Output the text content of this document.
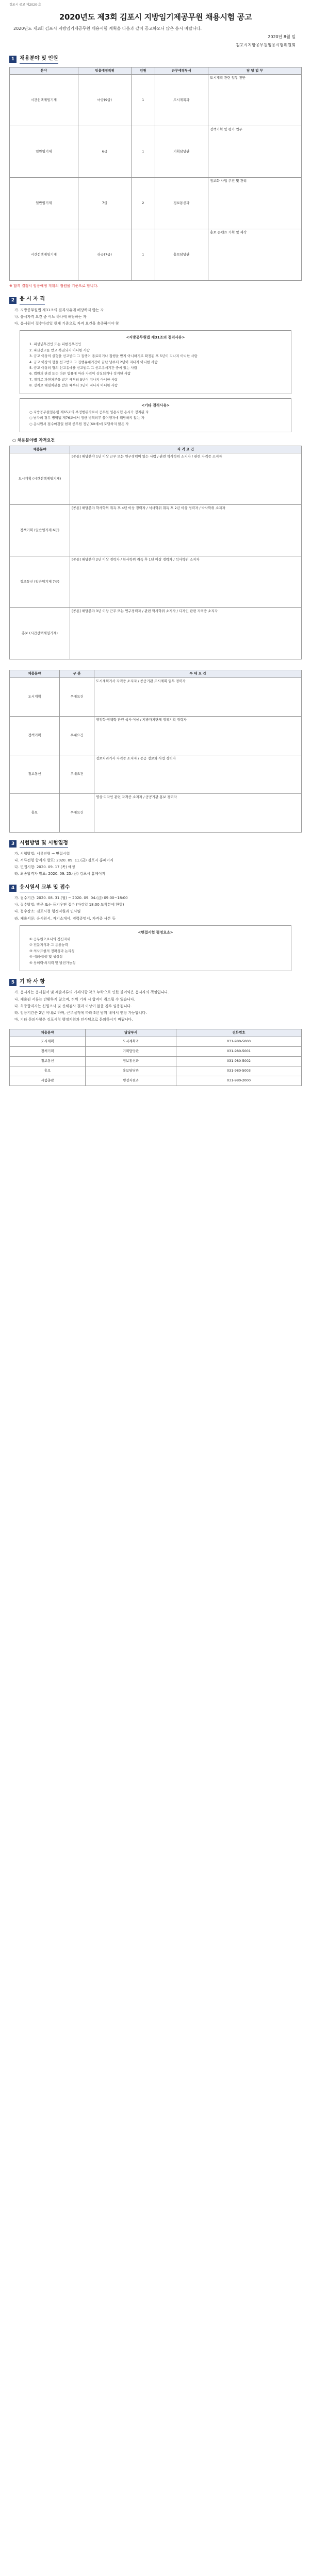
김포시 공고 제2020-호
2020년도 제3회 김포시 지방임기제공무원 채용시험 공고
2020년도 제3회 김포시 지방임기제공무원 채용시험 계획을 다음과 같이 공고하오니 많은 응시 바랍니다.
2020년 8월 일
김포시지방공무원임용시험위원회
1 채용분야 및 인원
분야	임용예정직위	인원	근무예정부서	담 당 업 무
시간선택제임기제	마급(9급)	1	도시계획과	도시계획 관련 업무 전반
일반임기제	6급	1	기획담당관	정책기획 및 평가 업무
일반임기제	7급	2	정보통신과	정보화 사업 추진 및 관리
시간선택제임기제	라급(7급)	1	홍보담당관	홍보 콘텐츠 기획 및 제작
※ 합격 결정시 임용예정 직위의 정원을 기준으로 합니다.
2 응 시 자 격
가. 지방공무원법 제31조의 결격사유에 해당하지 않는 자
나. 응시자격 요건 중 어느 하나에 해당하는 자
다. 응시원서 접수마감일 현재 기준으로 자격 요건을 충족하여야 함
<지방공무원법 제31조의 결격사유>
1. 피성년후견인 또는 피한정후견인
2. 파산선고를 받고 복권되지 아니한 사람
3. 금고 이상의 실형을 선고받고 그 집행이 종료되거나 집행을 받지 아니하기로 확정된 후 5년이 지나지 아니한 사람
4. 금고 이상의 형을 선고받고 그 집행유예기간이 끝난 날부터 2년이 지나지 아니한 사람
5. 금고 이상의 형의 선고유예를 선고받고 그 선고유예기간 중에 있는 사람
6. 법원의 판결 또는 다른 법률에 따라 자격이 상실되거나 정지된 사람
7. 징계로 파면처분을 받은 때부터 5년이 지나지 아니한 사람
8. 징계로 해임처분을 받은 때부터 3년이 지나지 아니한 사람
<기타 결격사유>
○ 지방공무원임용령 제65조의 부정행위자로서 공무원 임용시험 응시가 정지된 자
○ 남자의 경우 병역법 제76조에서 정한 병역의무 불이행자에 해당하지 않는 자
○ 응시원서 접수마감일 현재 공무원 정년(60세)에 도달하지 않은 자
○ 채용분야별 자격요건
채용분야	자 격 요 건
도시계획 (시간선택제임기제)	[공통] 해당분야 1년 이상 근무 또는 연구경력이 있는 사람 / 관련 학사학위 소지자 / 관련 자격증 소지자
정책기획 (일반임기제 6급)	[공통] 해당분야 학사학위 취득 후 4년 이상 경력자 / 석사학위 취득 후 2년 이상 경력자 / 박사학위 소지자
정보통신 (일반임기제 7급)	[공통] 해당분야 2년 이상 경력자 / 학사학위 취득 후 1년 이상 경력자 / 석사학위 소지자
홍보 (시간선택제임기제)	[공통] 해당분야 3년 이상 근무 또는 연구경력자 / 관련 학사학위 소지자 / 디자인 관련 자격증 소지자
채용분야	구 분	우 대 요 건
도시계획	우대요건	도시계획기사 자격증 소지자 / 공공기관 도시계획 업무 경력자
정책기획	우대요건	행정학·정책학 관련 석사 이상 / 지방자치단체 정책기획 경력자
정보통신	우대요건	정보처리기사 자격증 소지자 / 공공 정보화 사업 경력자
홍보	우대요건	영상·디자인 관련 자격증 소지자 / 공공기관 홍보 경력자
3 시험방법 및 시험일정
가. 시험방법: 서류전형 → 면접시험
나. 서류전형 합격자 발표: 2020. 09. 11.(금) 김포시 홈페이지
다. 면접시험: 2020. 09. 17.(목) 예정
라. 최종합격자 발표: 2020. 09. 25.(금) 김포시 홈페이지
4 응시원서 교부 및 접수
가. 접수기간: 2020. 08. 31.(월) ~ 2020. 09. 04.(금) 09:00~18:00
나. 접수방법: 방문 또는 등기우편 접수 (마감일 18:00 도착분에 한함)
다. 접수장소: 김포시청 행정지원과 인사팀
라. 제출서류: 응시원서, 자기소개서, 경력증명서, 자격증 사본 등
<면접시험 평정요소>
① 공무원으로서의 정신자세
② 전문지식과 그 응용능력
③ 의사표현의 정확성과 논리성
④ 예의·품행 및 성실성
⑤ 창의력·의지력 및 발전가능성
5 기 타 사 항
가. 응시자는 응시원서 및 제출서류의 기재사항 착오·누락으로 인한 불이익은 응시자의 책임입니다.
나. 제출된 서류는 반환하지 않으며, 허위 기재 시 합격이 취소될 수 있습니다.
다. 최종합격자는 신원조사 및 신체검사 결과 이상이 없을 경우 임용됩니다.
라. 임용기간은 2년 이내로 하며, 근무실적에 따라 5년 범위 내에서 연장 가능합니다.
마. 기타 문의사항은 김포시청 행정지원과 인사팀으로 문의하시기 바랍니다.
채용분야	담당부서	전화번호
도시계획	도시계획과	031-980-5000
정책기획	기획담당관	031-980-5001
정보통신	정보통신과	031-980-5002
홍보	홍보담당관	031-980-5003
시험총괄	행정지원과	031-980-2000
